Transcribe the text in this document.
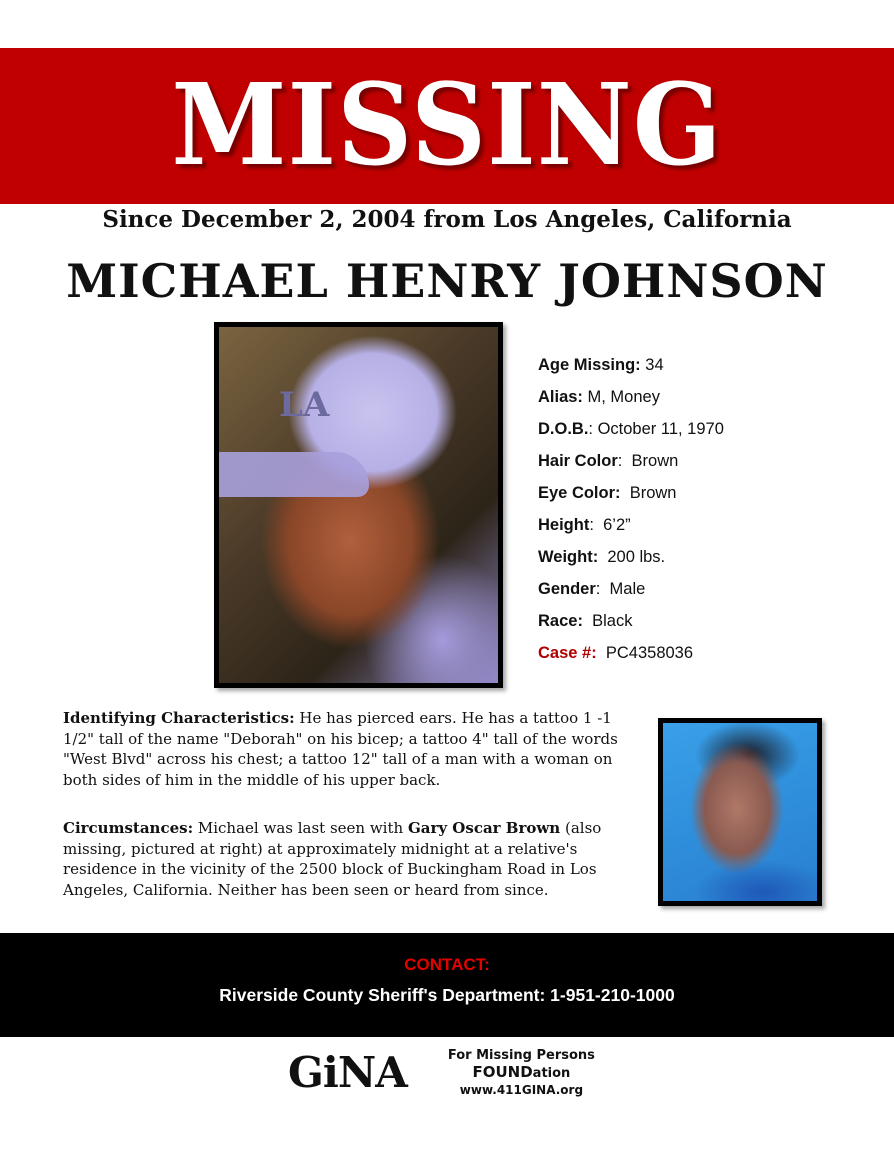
MISSING
Since December 2, 2004 from Los Angeles, California
MICHAEL HENRY JOHNSON
LA
Age Missing: 34
Alias: M, Money
D.O.B.: October 11, 1970
Hair Color:  Brown
Eye Color:  Brown
Height:  6’2”
Weight:  200 lbs.
Gender:  Male
Race:  Black
Case #:  PC4358036
Identifying Characteristics: He has pierced ears. He has a tattoo 1 -1 1/2" tall of the name "Deborah" on his bicep; a tattoo 4" tall of the words "West Blvd" across his chest; a tattoo 12" tall of a man with a woman on both sides of him in the middle of his upper back.
Circumstances: Michael was last seen with Gary Oscar Brown (also missing, pictured at right) at approximately midnight at a relative's residence in the vicinity of the 2500 block of Buckingham Road in Los Angeles, California. Neither has been seen or heard from since.
CONTACT:
Riverside County Sheriff's Department: 1-951-210-1000
GiNA	For Missing Persons FOUNDation
www.411GINA.org
